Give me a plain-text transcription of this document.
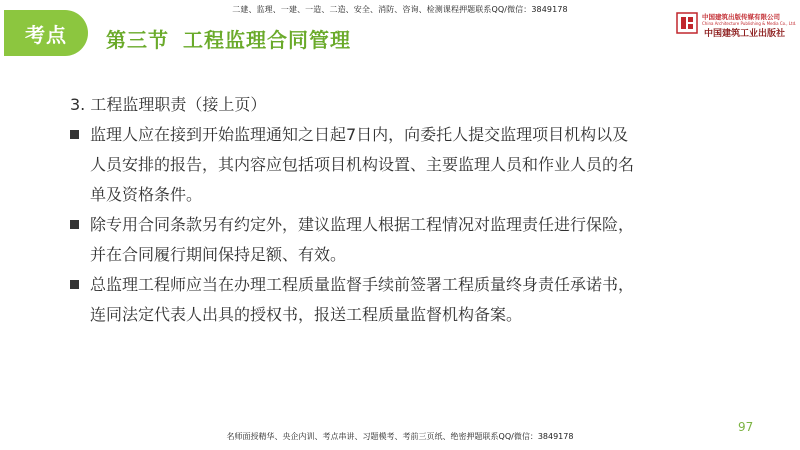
二建、监理、一建、一造、二造、安全、消防、咨询、检测课程押题联系QQ/微信：3849178
考点 第三节 工程监理合同管理
中国建筑出版传媒有限公司
China Architecture Publishing & Media Co., Ltd.
中国建筑工业出版社
3. 工程监理职责（接上页）
监理人应在接到开始监理通知之日起7日内，向委托人提交监理项目机构以及
人员安排的报告，其内容应包括项目机构设置、主要监理人员和作业人员的名
单及资格条件。
除专用合同条款另有约定外，建议监理人根据工程情况对监理责任进行保险，
并在合同履行期间保持足额、有效。
总监理工程师应当在办理工程质量监督手续前签署工程质量终身责任承诺书，
连同法定代表人出具的授权书，报送工程质量监督机构备案。
97
名师面授精华、央企内训、考点串讲、习题模考、考前三页纸、绝密押题联系QQ/微信：3849178
